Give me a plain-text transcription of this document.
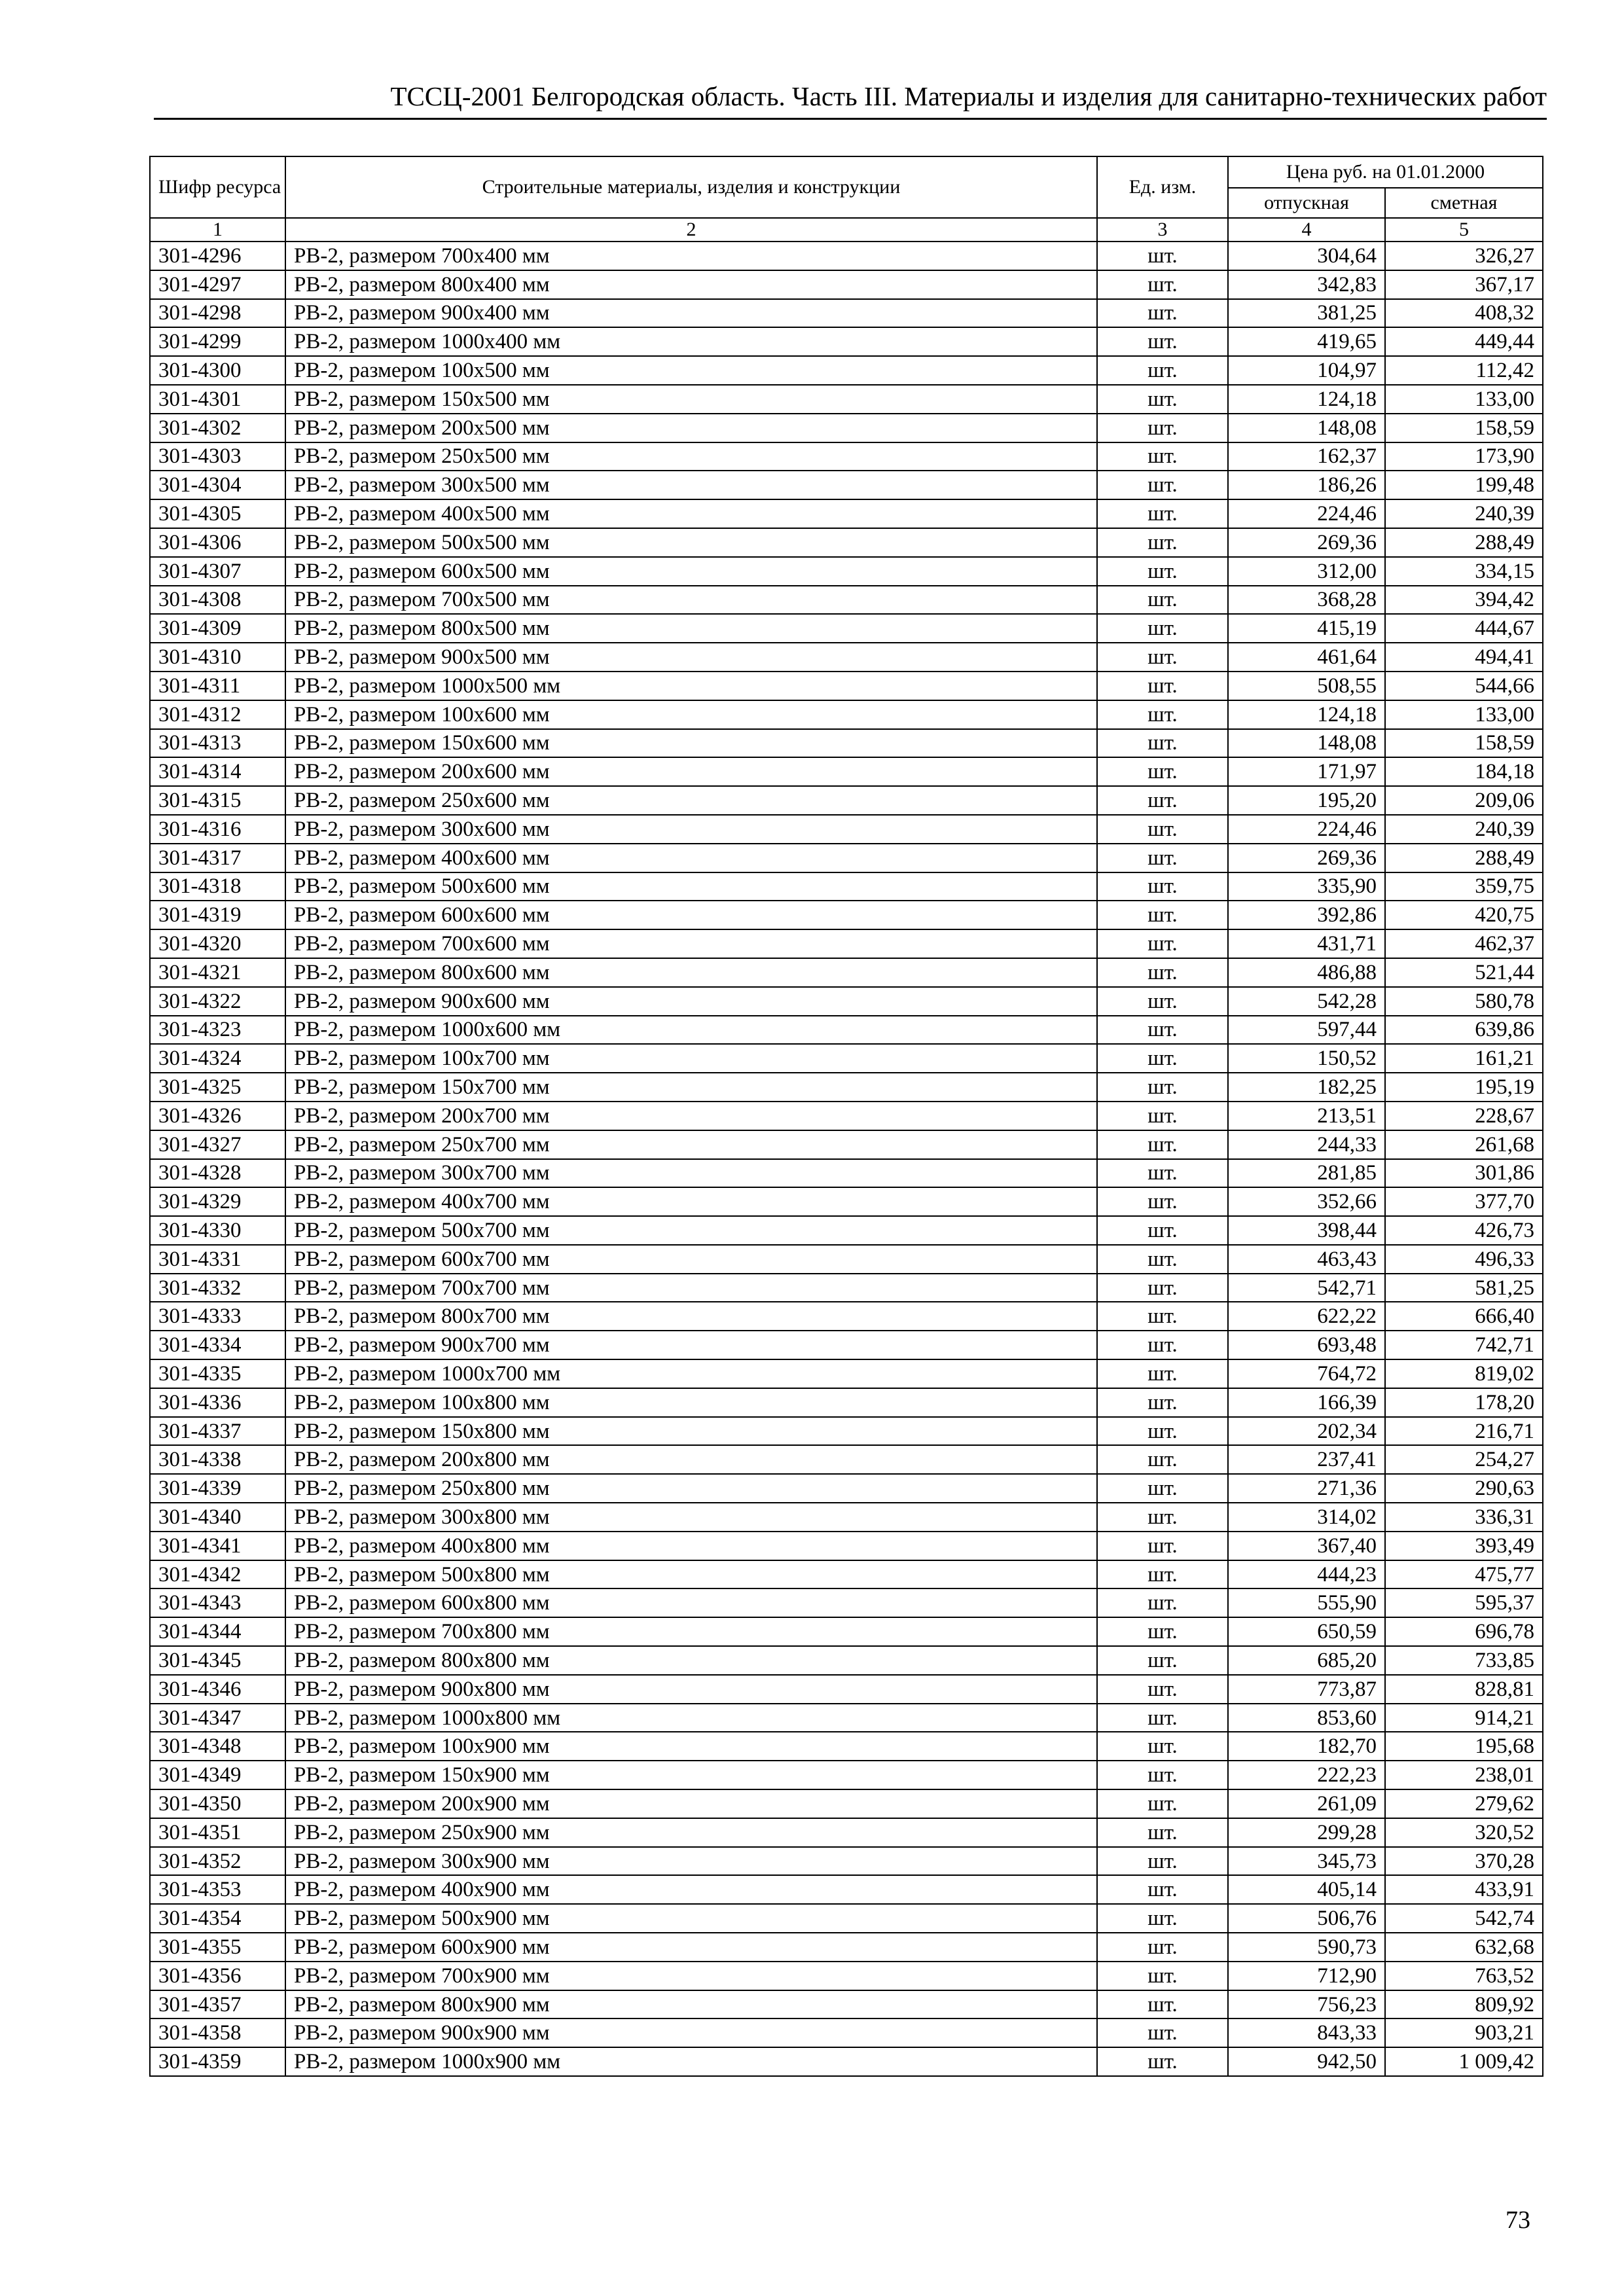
ТССЦ-2001 Белгородская область. Часть III. Материалы и изделия для санитарно-технических работ
Шифр ресурса	Строительные материалы, изделия и конструкции	Ед. изм.	Цена руб. на 01.01.2000	
			отпускная	сметная
1	2	3	4	5
301-4296	РВ-2, размером 700х400 мм	шт.	304,64	326,27
301-4297	РВ-2, размером 800х400 мм	шт.	342,83	367,17
301-4298	РВ-2, размером 900х400 мм	шт.	381,25	408,32
301-4299	РВ-2, размером 1000х400 мм	шт.	419,65	449,44
301-4300	РВ-2, размером 100х500 мм	шт.	104,97	112,42
301-4301	РВ-2, размером 150х500 мм	шт.	124,18	133,00
301-4302	РВ-2, размером 200х500 мм	шт.	148,08	158,59
301-4303	РВ-2, размером 250х500 мм	шт.	162,37	173,90
301-4304	РВ-2, размером 300х500 мм	шт.	186,26	199,48
301-4305	РВ-2, размером 400х500 мм	шт.	224,46	240,39
301-4306	РВ-2, размером 500х500 мм	шт.	269,36	288,49
301-4307	РВ-2, размером 600х500 мм	шт.	312,00	334,15
301-4308	РВ-2, размером 700х500 мм	шт.	368,28	394,42
301-4309	РВ-2, размером 800х500 мм	шт.	415,19	444,67
301-4310	РВ-2, размером 900х500 мм	шт.	461,64	494,41
301-4311	РВ-2, размером 1000х500 мм	шт.	508,55	544,66
301-4312	РВ-2, размером 100х600 мм	шт.	124,18	133,00
301-4313	РВ-2, размером 150х600 мм	шт.	148,08	158,59
301-4314	РВ-2, размером 200х600 мм	шт.	171,97	184,18
301-4315	РВ-2, размером 250х600 мм	шт.	195,20	209,06
301-4316	РВ-2, размером 300х600 мм	шт.	224,46	240,39
301-4317	РВ-2, размером 400х600 мм	шт.	269,36	288,49
301-4318	РВ-2, размером 500х600 мм	шт.	335,90	359,75
301-4319	РВ-2, размером 600х600 мм	шт.	392,86	420,75
301-4320	РВ-2, размером 700х600 мм	шт.	431,71	462,37
301-4321	РВ-2, размером 800х600 мм	шт.	486,88	521,44
301-4322	РВ-2, размером 900х600 мм	шт.	542,28	580,78
301-4323	РВ-2, размером 1000х600 мм	шт.	597,44	639,86
301-4324	РВ-2, размером 100х700 мм	шт.	150,52	161,21
301-4325	РВ-2, размером 150х700 мм	шт.	182,25	195,19
301-4326	РВ-2, размером 200х700 мм	шт.	213,51	228,67
301-4327	РВ-2, размером 250х700 мм	шт.	244,33	261,68
301-4328	РВ-2, размером 300х700 мм	шт.	281,85	301,86
301-4329	РВ-2, размером 400х700 мм	шт.	352,66	377,70
301-4330	РВ-2, размером 500х700 мм	шт.	398,44	426,73
301-4331	РВ-2, размером 600х700 мм	шт.	463,43	496,33
301-4332	РВ-2, размером 700х700 мм	шт.	542,71	581,25
301-4333	РВ-2, размером 800х700 мм	шт.	622,22	666,40
301-4334	РВ-2, размером 900х700 мм	шт.	693,48	742,71
301-4335	РВ-2, размером 1000х700 мм	шт.	764,72	819,02
301-4336	РВ-2, размером 100х800 мм	шт.	166,39	178,20
301-4337	РВ-2, размером 150х800 мм	шт.	202,34	216,71
301-4338	РВ-2, размером 200х800 мм	шт.	237,41	254,27
301-4339	РВ-2, размером 250х800 мм	шт.	271,36	290,63
301-4340	РВ-2, размером 300х800 мм	шт.	314,02	336,31
301-4341	РВ-2, размером 400х800 мм	шт.	367,40	393,49
301-4342	РВ-2, размером 500х800 мм	шт.	444,23	475,77
301-4343	РВ-2, размером 600х800 мм	шт.	555,90	595,37
301-4344	РВ-2, размером 700х800 мм	шт.	650,59	696,78
301-4345	РВ-2, размером 800х800 мм	шт.	685,20	733,85
301-4346	РВ-2, размером 900х800 мм	шт.	773,87	828,81
301-4347	РВ-2, размером 1000х800 мм	шт.	853,60	914,21
301-4348	РВ-2, размером 100х900 мм	шт.	182,70	195,68
301-4349	РВ-2, размером 150х900 мм	шт.	222,23	238,01
301-4350	РВ-2, размером 200х900 мм	шт.	261,09	279,62
301-4351	РВ-2, размером 250х900 мм	шт.	299,28	320,52
301-4352	РВ-2, размером 300х900 мм	шт.	345,73	370,28
301-4353	РВ-2, размером 400х900 мм	шт.	405,14	433,91
301-4354	РВ-2, размером 500х900 мм	шт.	506,76	542,74
301-4355	РВ-2, размером 600х900 мм	шт.	590,73	632,68
301-4356	РВ-2, размером 700х900 мм	шт.	712,90	763,52
301-4357	РВ-2, размером 800х900 мм	шт.	756,23	809,92
301-4358	РВ-2, размером 900х900 мм	шт.	843,33	903,21
301-4359	РВ-2, размером 1000х900 мм	шт.	942,50	1 009,42
73
